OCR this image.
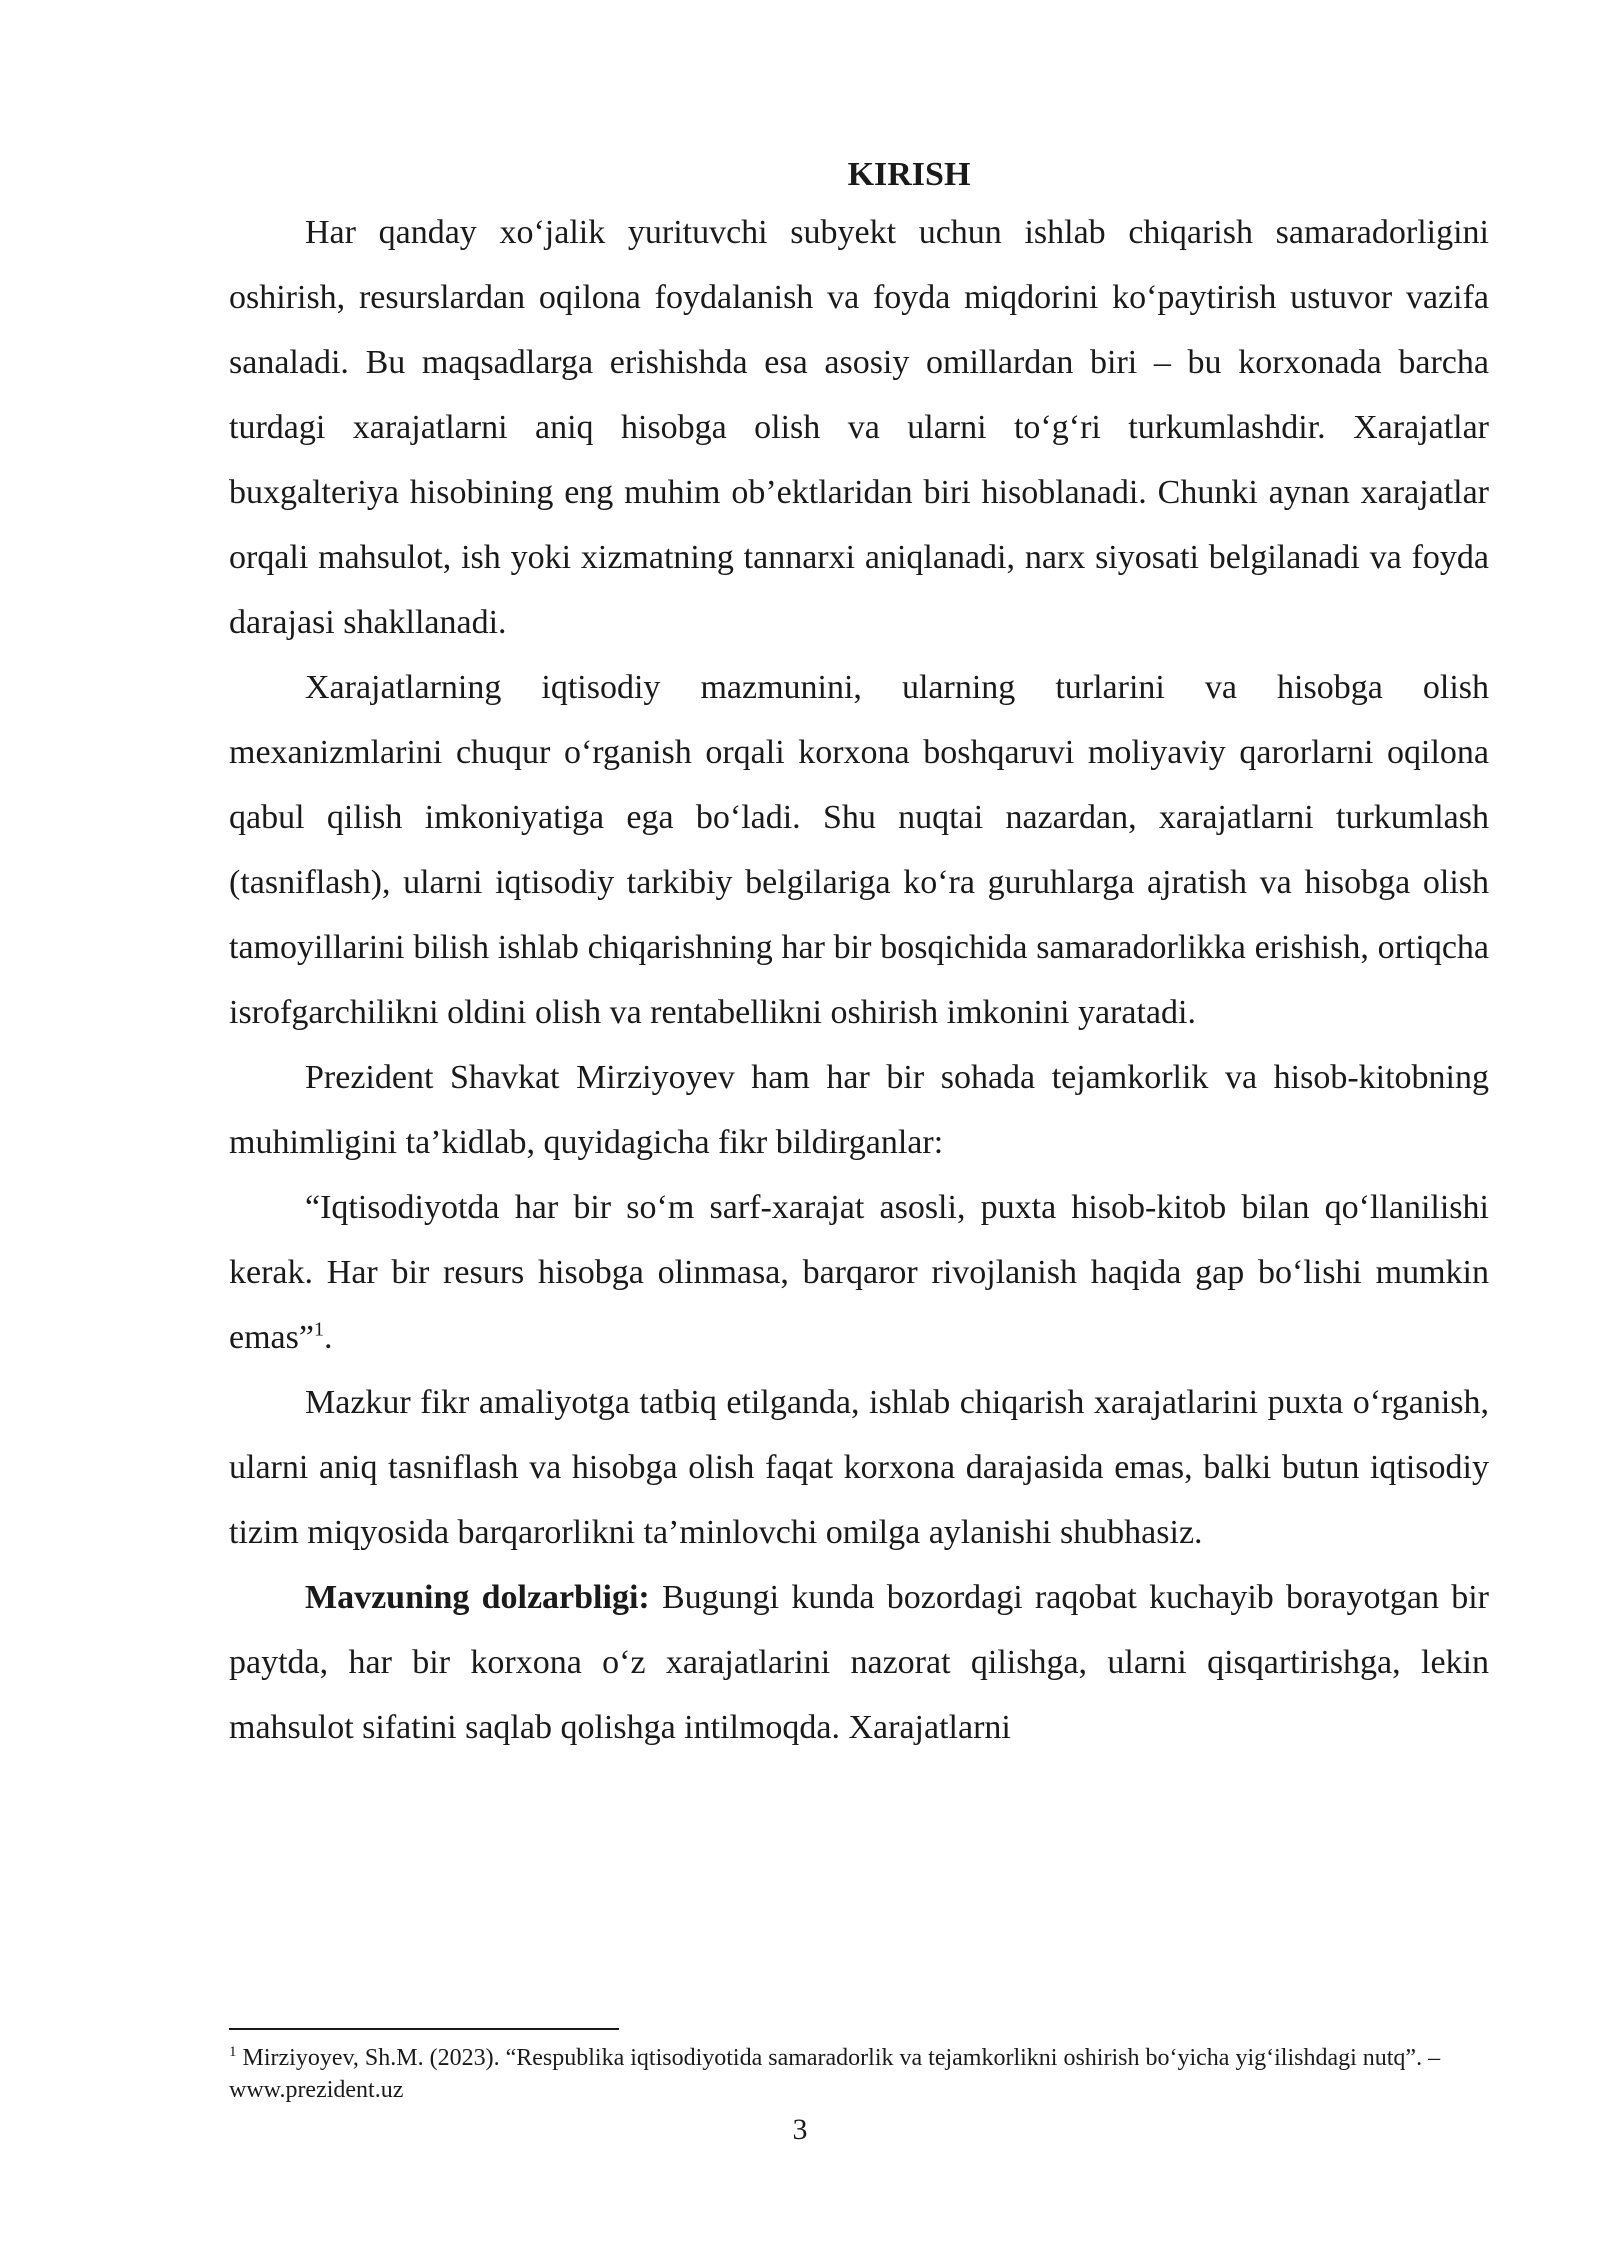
KIRISH

Har qanday xo‘jalik yurituvchi subyekt uchun ishlab chiqarish samaradorligini oshirish, resurslardan oqilona foydalanish va foyda miqdorini ko‘paytirish ustuvor vazifa sanaladi. Bu maqsadlarga erishishda esa asosiy omillardan biri – bu korxonada barcha turdagi xarajatlarni aniq hisobga olish va ularni to‘g‘ri turkumlashdir. Xarajatlar buxgalteriya hisobining eng muhim ob’ektlaridan biri hisoblanadi. Chunki aynan xarajatlar orqali mahsulot, ish yoki xizmatning tannarxi aniqlanadi, narx siyosati belgilanadi va foyda darajasi shakllanadi.

Xarajatlarning iqtisodiy mazmunini, ularning turlarini va hisobga olish mexanizmlarini chuqur o‘rganish orqali korxona boshqaruvi moliyaviy qarorlarni oqilona qabul qilish imkoniyatiga ega bo‘ladi. Shu nuqtai nazardan, xarajatlarni turkumlash (tasniflash), ularni iqtisodiy tarkibiy belgilariga ko‘ra guruhlarga ajratish va hisobga olish tamoyillarini bilish ishlab chiqarishning har bir bosqichida samaradorlikka erishish, ortiqcha isrofgarchilikni oldini olish va rentabellikni oshirish imkonini yaratadi.

Prezident Shavkat Mirziyoyev ham har bir sohada tejamkorlik va hisob-kitobning muhimligini ta’kidlab, quyidagicha fikr bildirganlar:

“Iqtisodiyotda har bir so‘m sarf-xarajat asosli, puxta hisob-kitob bilan qo‘llanilishi kerak. Har bir resurs hisobga olinmasa, barqaror rivojlanish haqida gap bo‘lishi mumkin emas”$^1$.

Mazkur fikr amaliyotga tatbiq etilganda, ishlab chiqarish xarajatlarini puxta o‘rganish, ularni aniq tasniflash va hisobga olish faqat korxona darajasida emas, balki butun iqtisodiy tizim miqyosida barqarorlikni ta’minlovchi omilga aylanishi shubhasiz.

Mavzuning dolzarbligi: Bugungi kunda bozordagi raqobat kuchayib borayotgan bir paytda, har bir korxona o‘z xarajatlarini nazorat qilishga, ularni qisqartirishga, lekin mahsulot sifatini saqlab qolishga intilmoqda. Xarajatlarni

$^1$ Mirziyoyev, Sh.M. (2023). “Respublika iqtisodiyotida samaradorlik va tejamkorlikni oshirish bo‘yicha yig‘ilishdagi nutq”. – www.prezident.uz
3
